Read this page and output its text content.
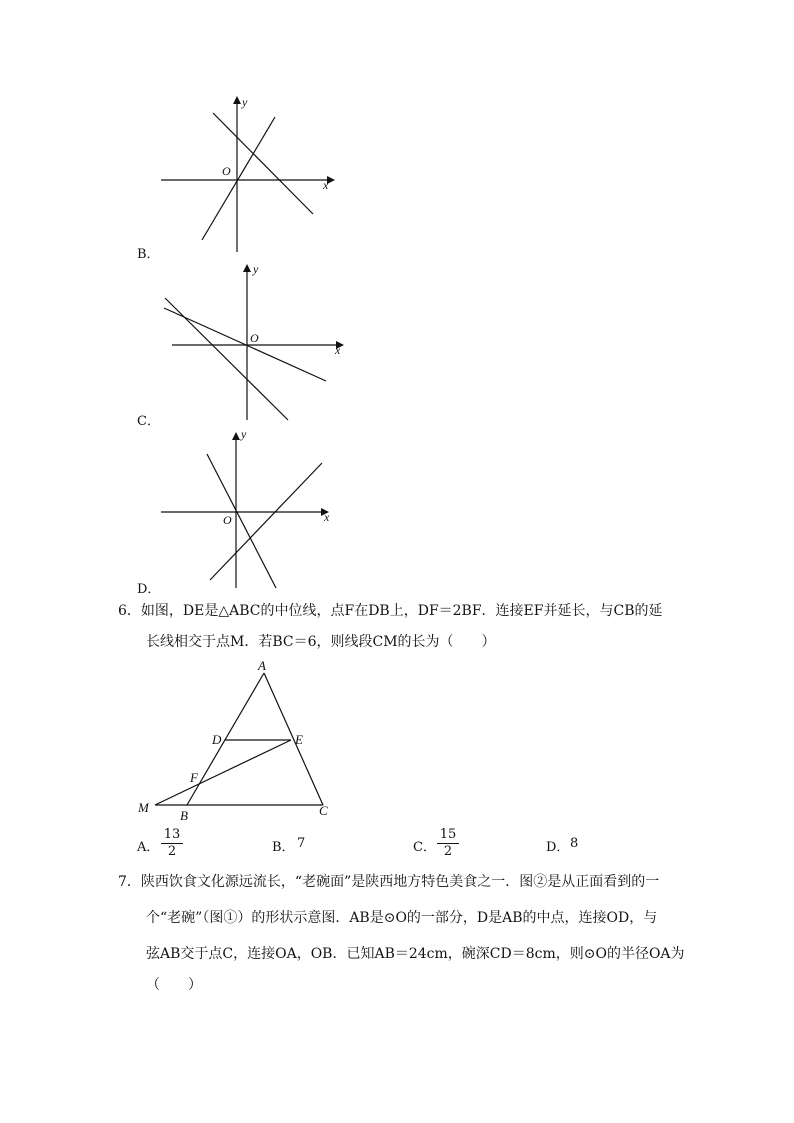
x
y
O
B．
x
y
O
C．
x
y
O
D．
6．如图，DE是△ABC的中位线，点F在DB上，DF＝2BF．连接EF并延长，与CB的延
长线相交于点M．若BC＝6，则线段CM的长为（　　）
A
D	E
F
M
B	C
A．
13
2	B． 7	C．
15
2	D． 8
7．陕西饮食文化源远流长，“老碗面”是陕西地方特色美食之一．图②是从正面看到的一
个“老碗”（图①）的形状示意图．AB是⊙O的一部分，D是AB的中点，连接OD，与
弦AB交于点C，连接OA，OB．已知AB＝24cm，碗深CD＝8cm，则⊙O的半径OA为
（　　）
